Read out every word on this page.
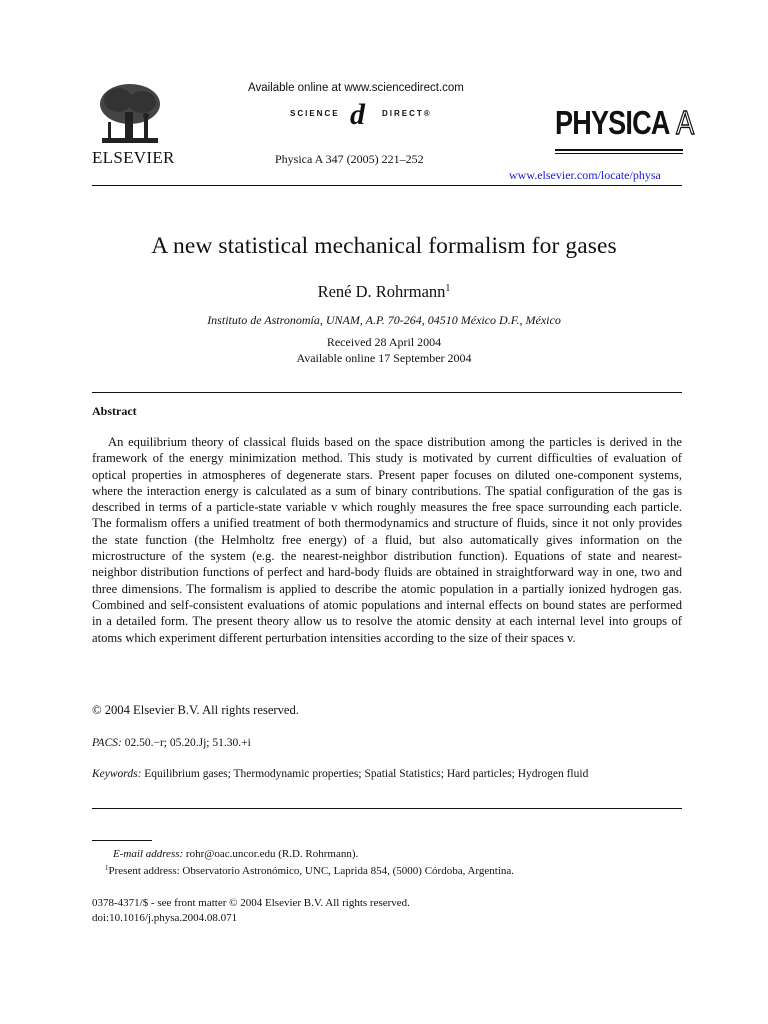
ELSEVIER
Available online at www.sciencedirect.com
SCIENCE d DIRECT®
Physica A 347 (2005) 221–252
PHYSICA A
www.elsevier.com/locate/physa
A new statistical mechanical formalism for gases
René D. Rohrmann$^1$
Instituto de Astronomía, UNAM, A.P. 70-264, 04510 México D.F., México
Received 28 April 2004
Available online 17 September 2004
Abstract

An equilibrium theory of classical fluids based on the space distribution among the particles is derived in the framework of the energy minimization method. This study is motivated by current difficulties of evaluation of optical properties in atmospheres of degenerate stars. Present paper focuses on diluted one-component systems, where the interaction energy is calculated as a sum of binary contributions. The spatial configuration of the gas is described in terms of a particle-state variable v which roughly measures the free space surrounding each particle. The formalism offers a unified treatment of both thermodynamics and structure of fluids, since it not only provides the state function (the Helmholtz free energy) of a fluid, but also automatically gives information on the microstructure of the system (e.g. the nearest-neighbor distribution function). Equations of state and nearest-neighbor distribution functions of perfect and hard-body fluids are obtained in straightforward way in one, two and three dimensions. The formalism is applied to describe the atomic population in a partially ionized hydrogen gas. Combined and self-consistent evaluations of atomic populations and internal effects on bound states are performed in a detailed form. The present theory allow us to resolve the atomic density at each internal level into groups of atoms which experiment different perturbation intensities according to the size of their spaces v.

© 2004 Elsevier B.V. All rights reserved.
PACS: 02.50.−r; 05.20.Jj; 51.30.+i
Keywords: Equilibrium gases; Thermodynamic properties; Spatial Statistics; Hard particles; Hydrogen fluid
E-mail address: rohr@oac.uncor.edu (R.D. Rohrmann).
$^1$Present address: Observatorio Astronómico, UNC, Laprida 854, (5000) Córdoba, Argentina.
0378-4371/$ - see front matter © 2004 Elsevier B.V. All rights reserved.
doi:10.1016/j.physa.2004.08.071
